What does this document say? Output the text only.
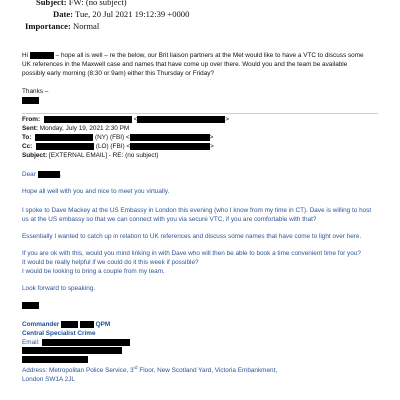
Subject: FW: (no subject)
Date: Tue, 20 Jul 2021 19:12:39 +0000
Importance: Normal
Hi	– hope all is well – re the below, our Brit liaison partners at the Met would like to have a VTC to discuss some
UK references in the Maxwell case and names that have come up over there. Would you and the team be available
possibly early morning (8:30 or 9am) either this Thursday or Friday?
Thanks –
From:	<	>
Sent: Monday, July 19, 2021 2:30 PM
To:	(NY) (FBI) <	>
Cc:	(LO) (FBI) <	>
Subject: [EXTERNAL EMAIL] - RE: (no subject)
Dear	,
Hope all well with you and nice to meet you virtually.
I spoke to Dave Mackey at the US Embassy in London this evening (who I know from my time in CT). Dave is willing to host
us at the US embassy so that we can connect with you via secure VTC, if you are comfortable with that?
Essentially I wanted to catch up in relation to UK references and discuss some names that have come to light over here.
If you are ok with this, would you mind linking in with Dave who will then be able to book a time convenient time for you?
It would be really helpful if we could do it this week if possible?
I would be looking to bring a couple from my team.
Look forward to speaking.
Commander	QPM
Central Specialist Crime
Email:
Address: Metropolitan Police Service, 3rd Floor, New Scotland Yard, Victoria Embankment,
London SW1A 2JL
